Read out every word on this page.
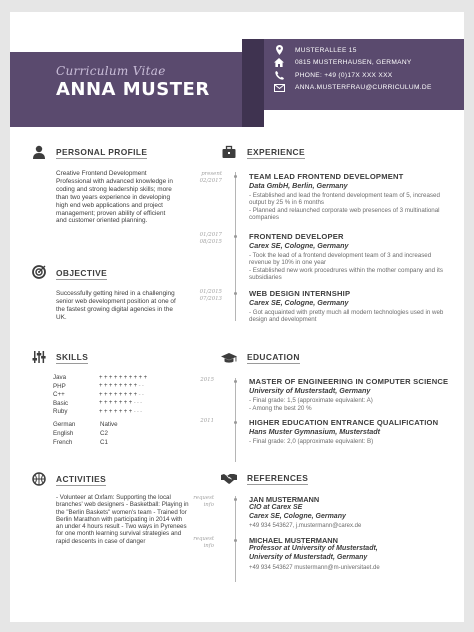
Curriculum Vitae
ANNA MUSTER
MUSTERALLEE 15
0815 MUSTERHAUSEN, GERMANY
PHONE: +49 (0)17X XXX XXX
ANNA.MUSTERFRAU@CURRICULUM.DE
PERSONAL PROFILE
Creative Frontend Development Professional with advanced knowledge in coding and strong leadership skills; more than two years experience in developing high end web applications and project management; proven ability of efficient and customer oriented planning.
OBJECTIVE
Successfully getting hired in a challenging senior web development position at one of the fastest growing digital agencies in the UK.
SKILLS
Java	++++++++++
PHP	++++++++ --
C++	++++++++ --
Basic	+++++++ ---
Ruby	+++++++ ---
German	Native
English	C2
French	C1
ACTIVITIES
- Volunteer at Oxfam: Supporting the local branches' web designers - Basketball: Playing in the "Berlin Baskets" women's team - Trained for Berlin Marathon with participating in 2014 with an under 4 hours result - Two ways in Pyrenees for one month learning survival strategies and rapid descents in case of danger
EXPERIENCE
present
02/2017	TEAM LEAD FRONTEND DEVELOPMENT
Data GmbH, Berlin, Germany
- Established and lead the frontend development team of 5, increased output by 25 % in 6 months
- Planned and relaunched corporate web presences of 3 multinational companies
01/2017
08/2015
FRONTEND DEVELOPER
Carex SE, Cologne, Germany
- Took the lead of a frontend development team of 3 and increased revenue by 10% in one year
- Established new work procedrures within the mother company and its subsidiaries
01/2015
07/2013
WEB DESIGN INTERNSHIP
Carex SE, Cologne, Germany
- Got acquainted with pretty much all modern technologies used in web design and development
EDUCATION
2015	MASTER OF ENGINEERING IN COMPUTER SCIENCE
University of Musterstadt, Germany
- Final grade: 1,5 (approximate equivalent: A)
- Among the best 20 %
2011	HIGHER EDUCATION ENTRANCE QUALIFICATION
Hans Muster Gymnasium, Musterstadt
- Final grade: 2,0 (approximate equivalent: B)
REFERENCES
request info
JAN MUSTERMANN
CIO at Carex SE
Carex SE, Cologne, Germany
+49 934 543627, j.mustermann@carex.de
request info
MICHAEL MUSTERMANN
Professor at University of Musterstadt,
University of Musterstadt, Germany
+49 934 543627 mustermann@m-universitaet.de
